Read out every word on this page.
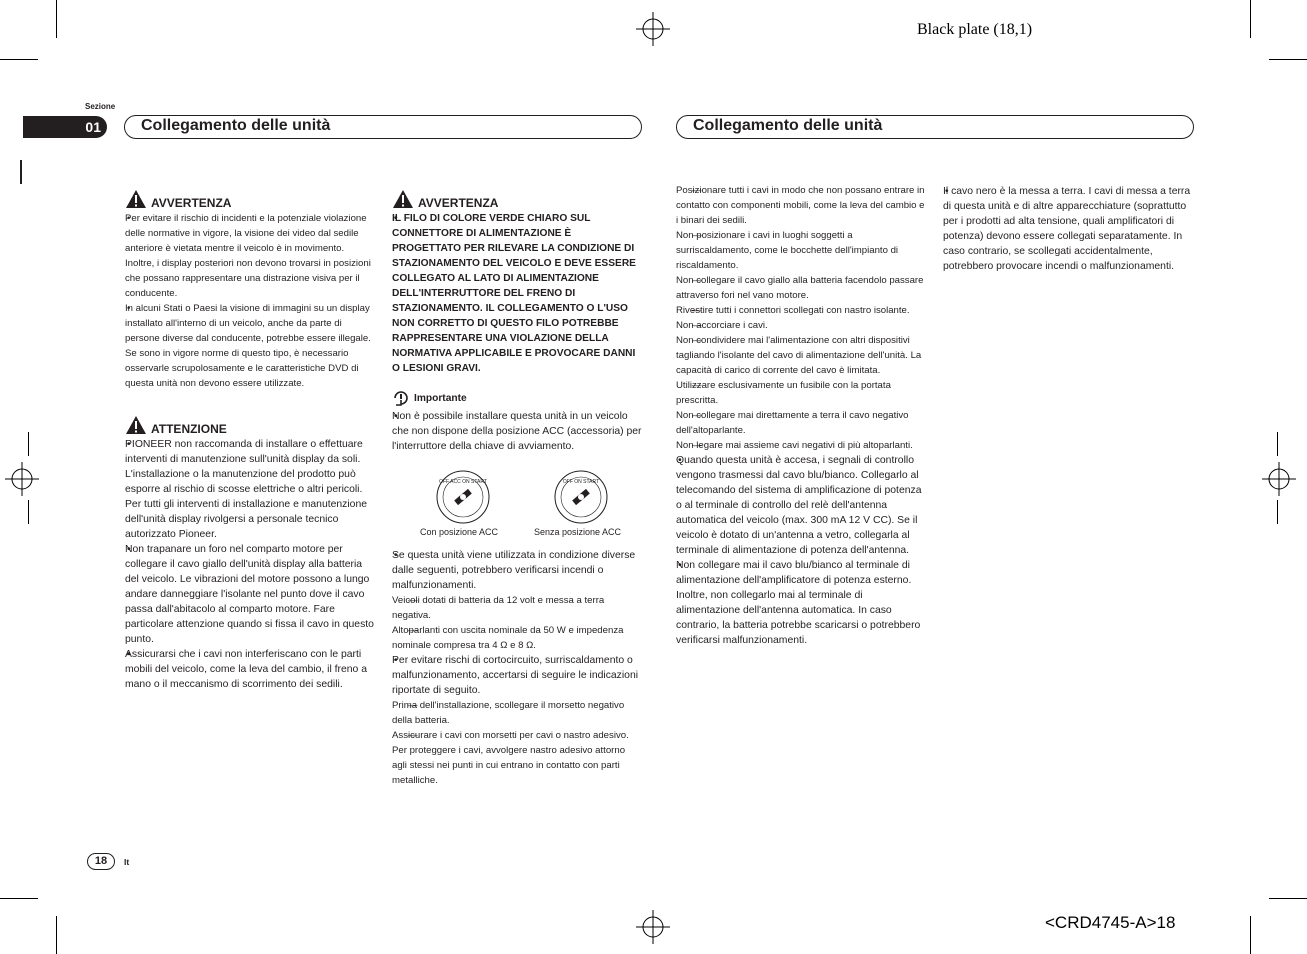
Black plate (18,1)
<CRD4745-A>18
Sezione
01	Collegamento delle unità	Collegamento delle unità
AVVERTENZA

• Per evitare il rischio di incidenti e la potenziale violazione delle normative in vigore, la visione dei video dal sedile anteriore è vietata mentre il veicolo è in movimento. Inoltre, i display posteriori non devono trovarsi in posizioni che possano rappresentare una distrazione visiva per il conducente.

• In alcuni Stati o Paesi la visione di immagini su un display installato all'interno di un veicolo, anche da parte di persone diverse dal conducente, potrebbe essere illegale. Se sono in vigore norme di questo tipo, è necessario osservarle scrupolosamente e le caratteristiche DVD di questa unità non devono essere utilizzate.

ATTENZIONE

• PIONEER non raccomanda di installare o effettuare interventi di manutenzione sull'unità display da soli. L'installazione o la manutenzione del prodotto può esporre al rischio di scosse elettriche o altri pericoli. Per tutti gli interventi di installazione e manutenzione dell'unità display rivolgersi a personale tecnico autorizzato Pioneer.

• Non trapanare un foro nel comparto motore per collegare il cavo giallo dell'unità display alla batteria del veicolo. Le vibrazioni del motore possono a lungo andare danneggiare l'isolante nel punto dove il cavo passa dall'abitacolo al comparto motore. Fare particolare attenzione quando si fissa il cavo in questo punto.

• Assicurarsi che i cavi non interferiscano con le parti mobili del veicolo, come la leva del cambio, il freno a mano o il meccanismo di scorrimento dei sedili.

AVVERTENZA

• IL FILO DI COLORE VERDE CHIARO SUL CONNETTORE DI ALIMENTAZIONE È PROGETTATO PER RILEVARE LA CONDIZIONE DI STAZIONAMENTO DEL VEICOLO E DEVE ESSERE COLLEGATO AL LATO DI ALIMENTAZIONE DELL'INTERRUTTORE DEL FRENO DI STAZIONAMENTO. IL COLLEGAMENTO O L'USO NON CORRETTO DI QUESTO FILO POTREBBE RAPPRESENTARE UNA VIOLAZIONE DELLA NORMATIVA APPLICABILE E PROVOCARE DANNI O LESIONI GRAVI.

Importante

• Non è possibile installare questa unità in un veicolo che non dispone della posizione ACC (accessoria) per l'interruttore della chiave di avviamento.

OFF ACC ON START	OFF ON START
Con posizione ACC	Senza posizione ACC

• Se questa unità viene utilizzata in condizione diverse dalle seguenti, potrebbero verificarsi incendi o malfunzionamenti.

— Veicoli dotati di batteria da 12 volt e messa a terra negativa.

— Altoparlanti con uscita nominale da 50 W e impedenza nominale compresa tra 4 Ω e 8 Ω.

• Per evitare rischi di cortocircuito, surriscaldamento o malfunzionamento, accertarsi di seguire le indicazioni riportate di seguito.

— Prima dell'installazione, scollegare il morsetto negativo della batteria.

— Assicurare i cavi con morsetti per cavi o nastro adesivo. Per proteggere i cavi, avvolgere nastro adesivo attorno agli stessi nei punti in cui entrano in contatto con parti metalliche.

— Posizionare tutti i cavi in modo che non possano entrare in contatto con componenti mobili, come la leva del cambio e i binari dei sedili.

— Non posizionare i cavi in luoghi soggetti a surriscaldamento, come le bocchette dell'impianto di riscaldamento.

— Non collegare il cavo giallo alla batteria facendolo passare attraverso fori nel vano motore.

— Rivestire tutti i connettori scollegati con nastro isolante.

— Non accorciare i cavi.

— Non condividere mai l'alimentazione con altri dispositivi tagliando l'isolante del cavo di alimentazione dell'unità. La capacità di carico di corrente del cavo è limitata.

— Utilizzare esclusivamente un fusibile con la portata prescritta.

— Non collegare mai direttamente a terra il cavo negativo dell'altoparlante.

— Non legare mai assieme cavi negativi di più altoparlanti.

• Quando questa unità è accesa, i segnali di controllo vengono trasmessi dal cavo blu/bianco. Collegarlo al telecomando del sistema di amplificazione di potenza o al terminale di controllo del relè dell'antenna automatica del veicolo (max. 300 mA 12 V CC). Se il veicolo è dotato di un'antenna a vetro, collegarla al terminale di alimentazione di potenza dell'antenna.

• Non collegare mai il cavo blu/bianco al terminale di alimentazione dell'amplificatore di potenza esterno. Inoltre, non collegarlo mai al terminale di alimentazione dell'antenna automatica. In caso contrario, la batteria potrebbe scaricarsi o potrebbero verificarsi malfunzionamenti.

• Il cavo nero è la messa a terra. I cavi di messa a terra di questa unità e di altre apparecchiature (soprattutto per i prodotti ad alta tensione, quali amplificatori di potenza) devono essere collegati separatamente. In caso contrario, se scollegati accidentalmente, potrebbero provocare incendi o malfunzionamenti.

18	It
